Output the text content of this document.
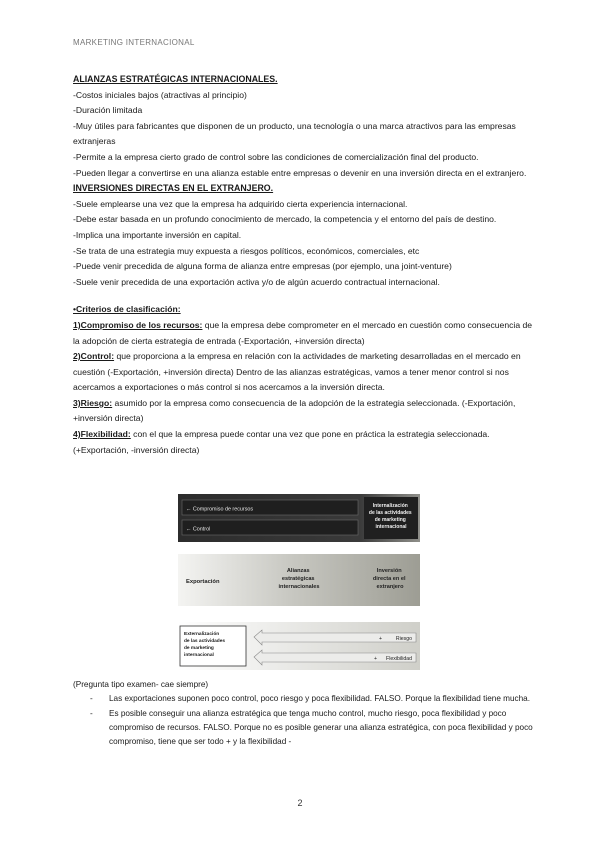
MARKETING INTERNACIONAL

ALIANZAS ESTRATÉGICAS INTERNACIONALES.

-Costos iniciales bajos (atractivas al principio)

-Duración limitada

-Muy útiles para fabricantes que disponen de un producto, una tecnología o una marca atractivos para las empresas extranjeras

-Permite a la empresa cierto grado de control sobre las condiciones de comercialización final del producto.

-Pueden llegar a convertirse en una alianza estable entre empresas o devenir en una inversión directa en el extranjero.

INVERSIONES DIRECTAS EN EL EXTRANJERO.

-Suele emplearse una vez que la empresa ha adquirido cierta experiencia internacional.

-Debe estar basada en un profundo conocimiento de mercado, la competencia y el entorno del país de destino.

-Implica una importante inversión en capital.

-Se trata de una estrategia muy expuesta a riesgos políticos, económicos, comerciales, etc

-Puede venir precedida de alguna forma de alianza entre empresas (por ejemplo, una joint-venture)

-Suele venir precedida de una exportación activa y/o de algún acuerdo contractual internacional.

•Criterios de clasificación:

1)Compromiso de los recursos: que la empresa debe comprometer en el mercado en cuestión como consecuencia de la adopción de cierta estrategia de entrada (-Exportación, +inversión directa)

2)Control: que proporciona a la empresa en relación con la actividades de marketing desarrolladas en el mercado en cuestión (-Exportación, +inversión directa) Dentro de las alianzas estratégicas, vamos a tener menor control si nos acercamos a exportaciones o más control si nos acercamos a la inversión directa.

3)Riesgo: asumido por la empresa como consecuencia de la adopción de la estrategia seleccionada. (-Exportación, +inversión directa)

4)Flexibilidad: con el que la empresa puede contar una vez que pone en práctica la estrategia seleccionada. (+Exportación, -inversión directa)

← Compromiso de recursos
← Control
Internalización de las actividades de marketing internacional
Exportación
Alianzas estratégicas internacionales
Inversión directa en el extranjero
Externalización de las actividades de marketing internacional
Riesgo
+
Flexibilidad
+

(Pregunta tipo examen- cae siempre)

- Las exportaciones suponen poco control, poco riesgo y poca flexibilidad. FALSO. Porque la flexibilidad tiene mucha.
- Es posible conseguir una alianza estratégica que tenga mucho control, mucho riesgo, poca flexibilidad y poco compromiso de recursos. FALSO. Porque no es posible generar una alianza estratégica, con poca flexibilidad y poco compromiso, tiene que ser todo + y la flexibilidad -
2
